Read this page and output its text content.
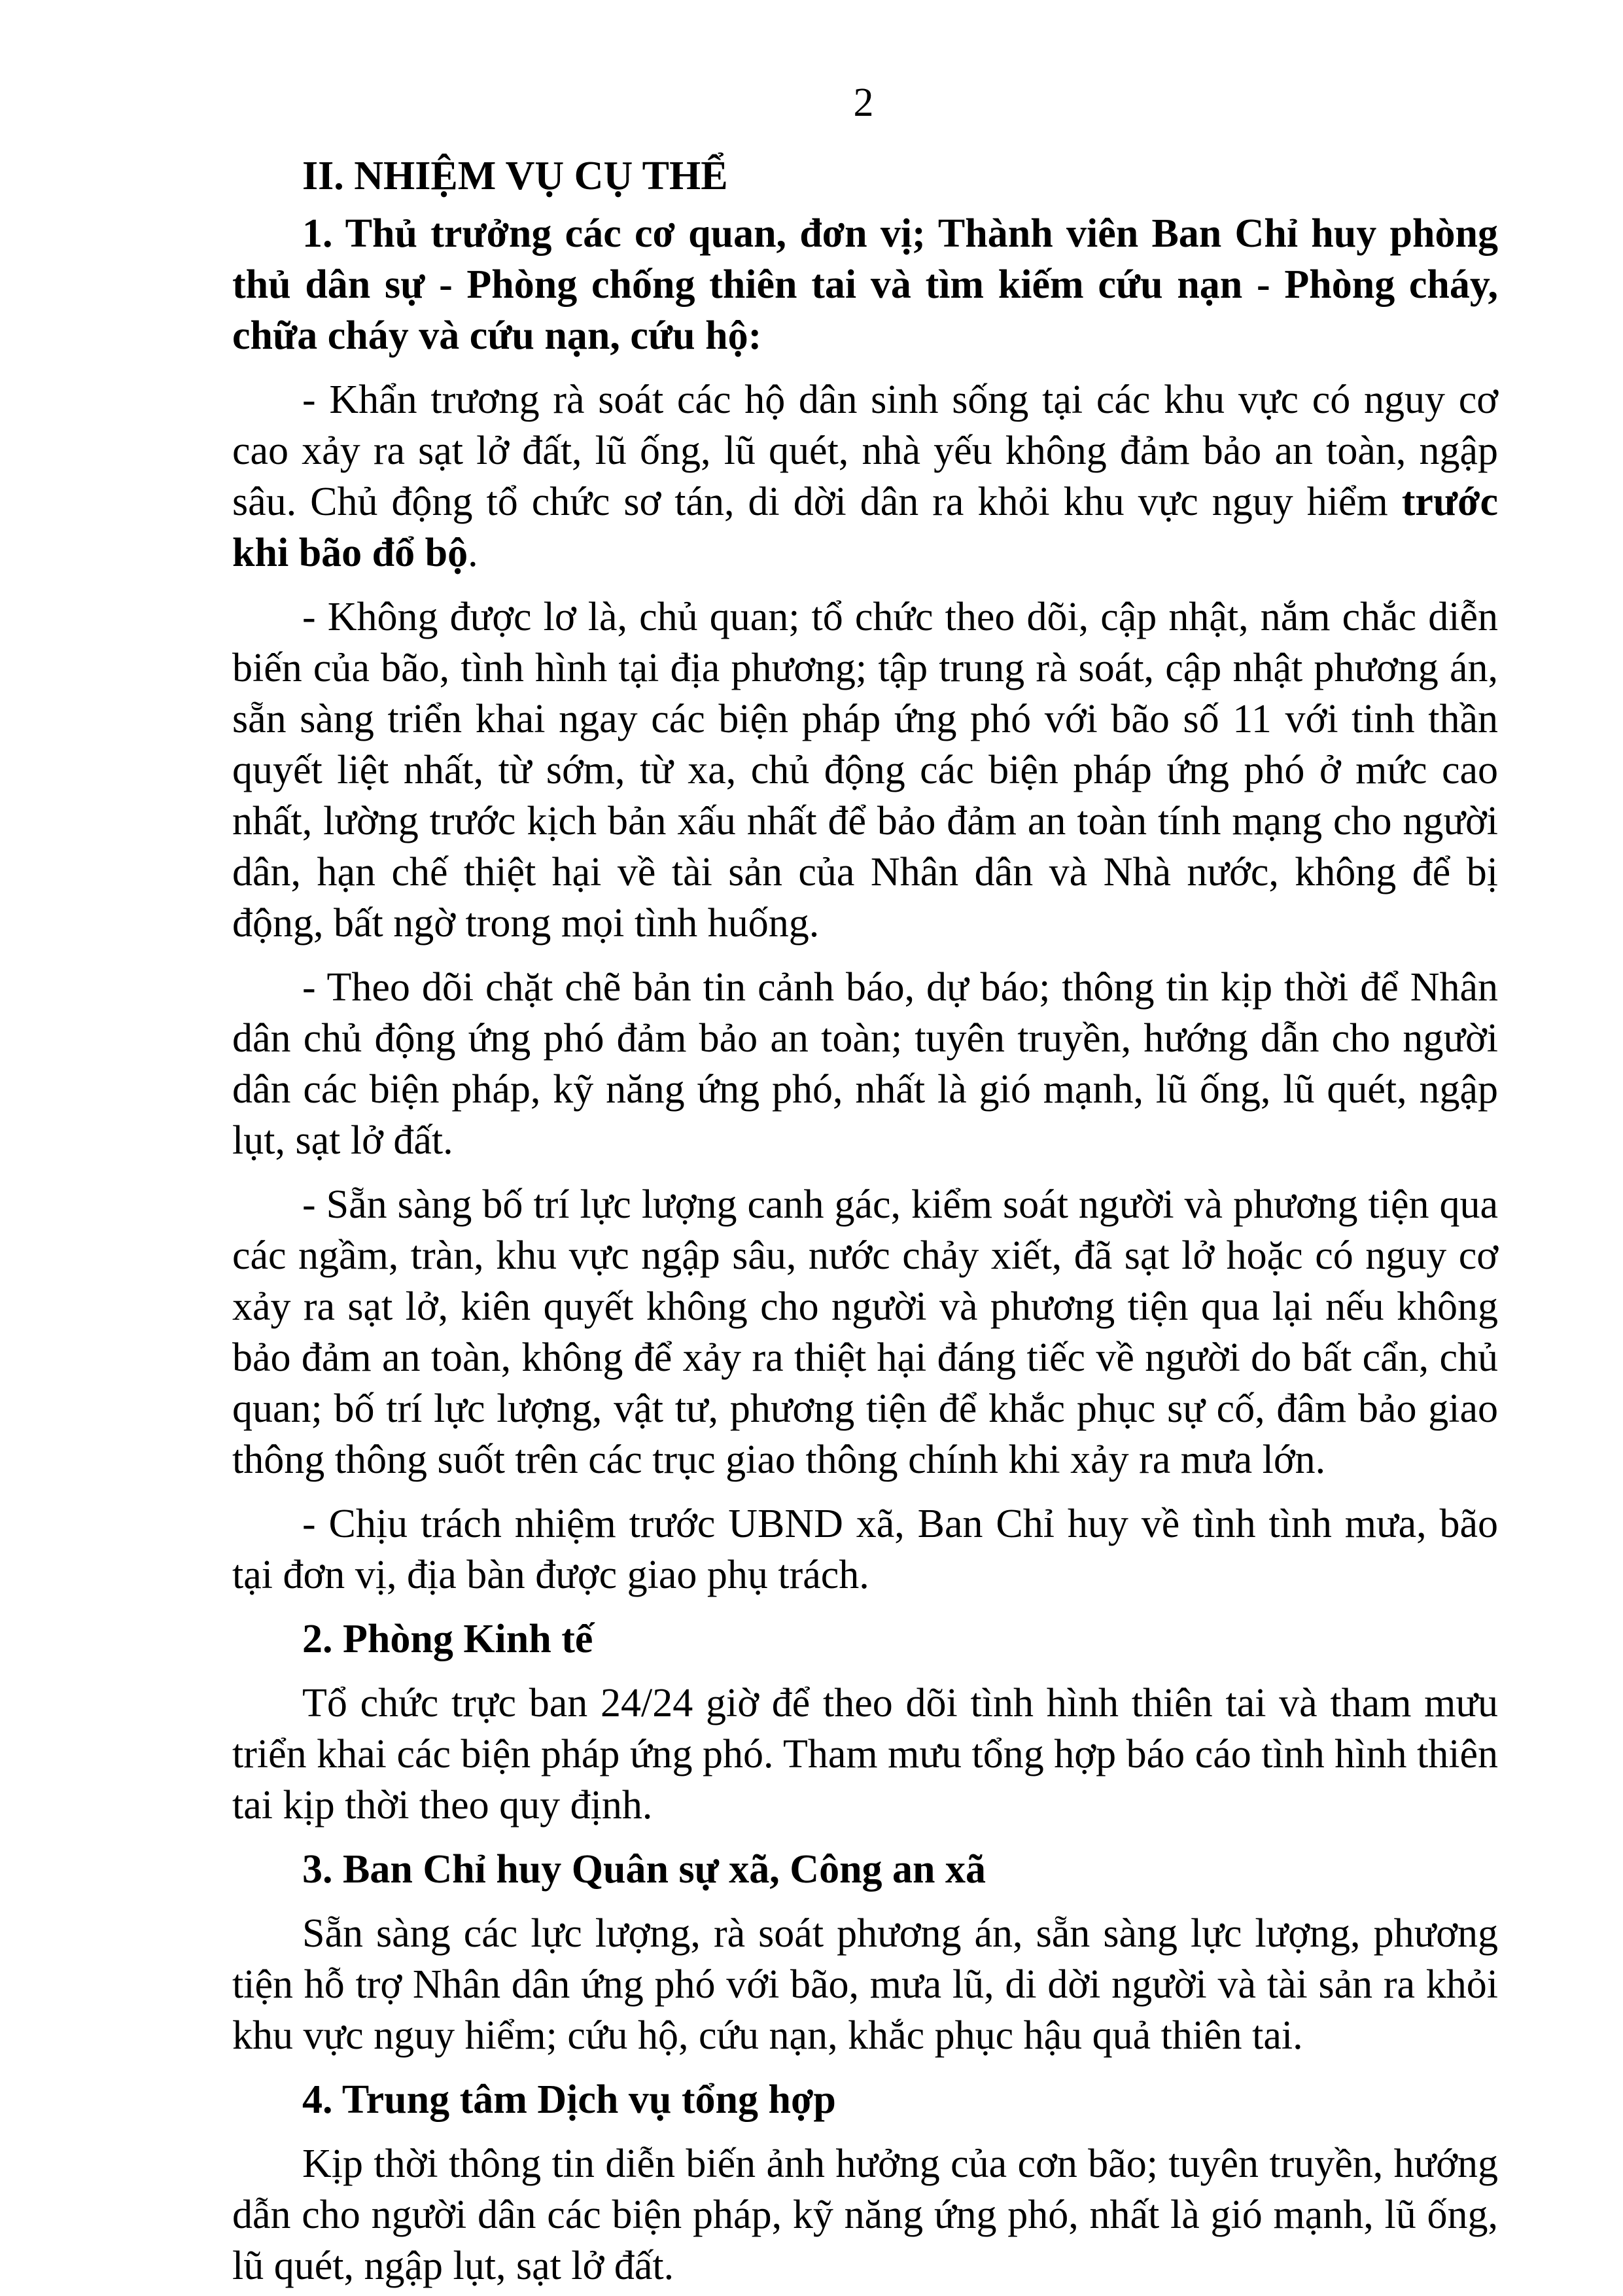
2

II. NHIỆM VỤ CỤ THỂ

1. Thủ trưởng các cơ quan, đơn vị; Thành viên Ban Chỉ huy phòng thủ dân sự - Phòng chống thiên tai và tìm kiếm cứu nạn - Phòng cháy, chữa cháy và cứu nạn, cứu hộ:

- Khẩn trương rà soát các hộ dân sinh sống tại các khu vực có nguy cơ cao xảy ra sạt lở đất, lũ ống, lũ quét, nhà yếu không đảm bảo an toàn, ngập sâu. Chủ động tổ chức sơ tán, di dời dân ra khỏi khu vực nguy hiểm trước khi bão đổ bộ.

- Không được lơ là, chủ quan; tổ chức theo dõi, cập nhật, nắm chắc diễn biến của bão, tình hình tại địa phương; tập trung rà soát, cập nhật phương án, sẵn sàng triển khai ngay các biện pháp ứng phó với bão số 11 với tinh thần quyết liệt nhất, từ sớm, từ xa, chủ động các biện pháp ứng phó ở mức cao nhất, lường trước kịch bản xấu nhất để bảo đảm an toàn tính mạng cho người dân, hạn chế thiệt hại về tài sản của Nhân dân và Nhà nước, không để bị động, bất ngờ trong mọi tình huống.

- Theo dõi chặt chẽ bản tin cảnh báo, dự báo; thông tin kịp thời để Nhân dân chủ động ứng phó đảm bảo an toàn; tuyên truyền, hướng dẫn cho người dân các biện pháp, kỹ năng ứng phó, nhất là gió mạnh, lũ ống, lũ quét, ngập lụt, sạt lở đất.

- Sẵn sàng bố trí lực lượng canh gác, kiểm soát người và phương tiện qua các ngầm, tràn, khu vực ngập sâu, nước chảy xiết, đã sạt lở hoặc có nguy cơ xảy ra sạt lở, kiên quyết không cho người và phương tiện qua lại nếu không bảo đảm an toàn, không để xảy ra thiệt hại đáng tiếc về người do bất cẩn, chủ quan; bố trí lực lượng, vật tư, phương tiện để khắc phục sự cố, đâm bảo giao thông thông suốt trên các trục giao thông chính khi xảy ra mưa lớn.

- Chịu trách nhiệm trước UBND xã, Ban Chỉ huy về tình tình mưa, bão tại đơn vị, địa bàn được giao phụ trách.

2. Phòng Kinh tế

Tổ chức trực ban 24/24 giờ để theo dõi tình hình thiên tai và tham mưu triển khai các biện pháp ứng phó. Tham mưu tổng hợp báo cáo tình hình thiên tai kịp thời theo quy định.

3. Ban Chỉ huy Quân sự xã, Công an xã

Sẵn sàng các lực lượng, rà soát phương án, sẵn sàng lực lượng, phương tiện hỗ trợ Nhân dân ứng phó với bão, mưa lũ, di dời người và tài sản ra khỏi khu vực nguy hiểm; cứu hộ, cứu nạn, khắc phục hậu quả thiên tai.

4. Trung tâm Dịch vụ tổng hợp

Kịp thời thông tin diễn biến ảnh hưởng của cơn bão; tuyên truyền, hướng dẫn cho người dân các biện pháp, kỹ năng ứng phó, nhất là gió mạnh, lũ ống, lũ quét, ngập lụt, sạt lở đất.
